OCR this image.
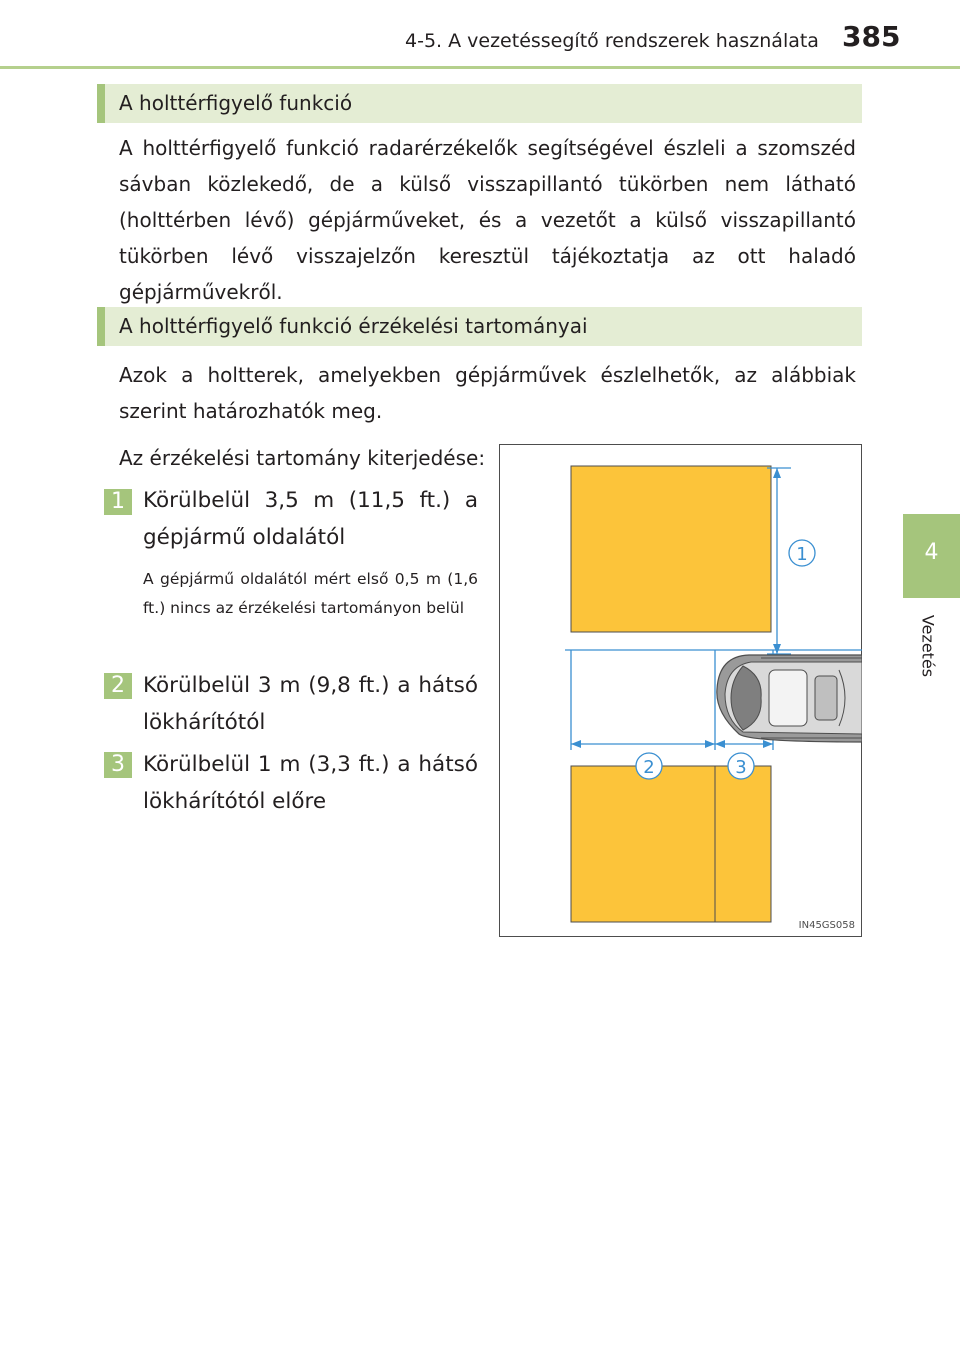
4-5. A vezetéssegítő rendszerek használata 385
4
Vezetés
A holttérfigyelő funkció
A holttérfigyelő funkció radarérzékelők segítségével észleli a szomszéd sávban közlekedő, de a külső visszapillantó tükörben nem látható (holttérben lévő) gépjárműveket, és a vezetőt a külső visszapillantó tükörben lévő visszajelzőn keresztül tájékoztatja az ott haladó gépjárművekről.
A holttérfigyelő funkció érzékelési tartományai
Azok a holtterek, amelyekben gépjárművek észlelhetők, az alábbiak szerint határozhatók meg.
Az érzékelési tartomány kiterjedése:
1 Körülbelül 3,5 m (11,5 ft.) a gépjármű oldalától
A gépjármű oldalától mért első 0,5 m (1,6 ft.) nincs az érzékelési tartományon belül
2 Körülbelül 3 m (9,8 ft.) a hátsó lökhárítótól
3 Körülbelül 1 m (3,3 ft.) a hátsó lökhárítótól előre
1
2	3
IN45GS058
